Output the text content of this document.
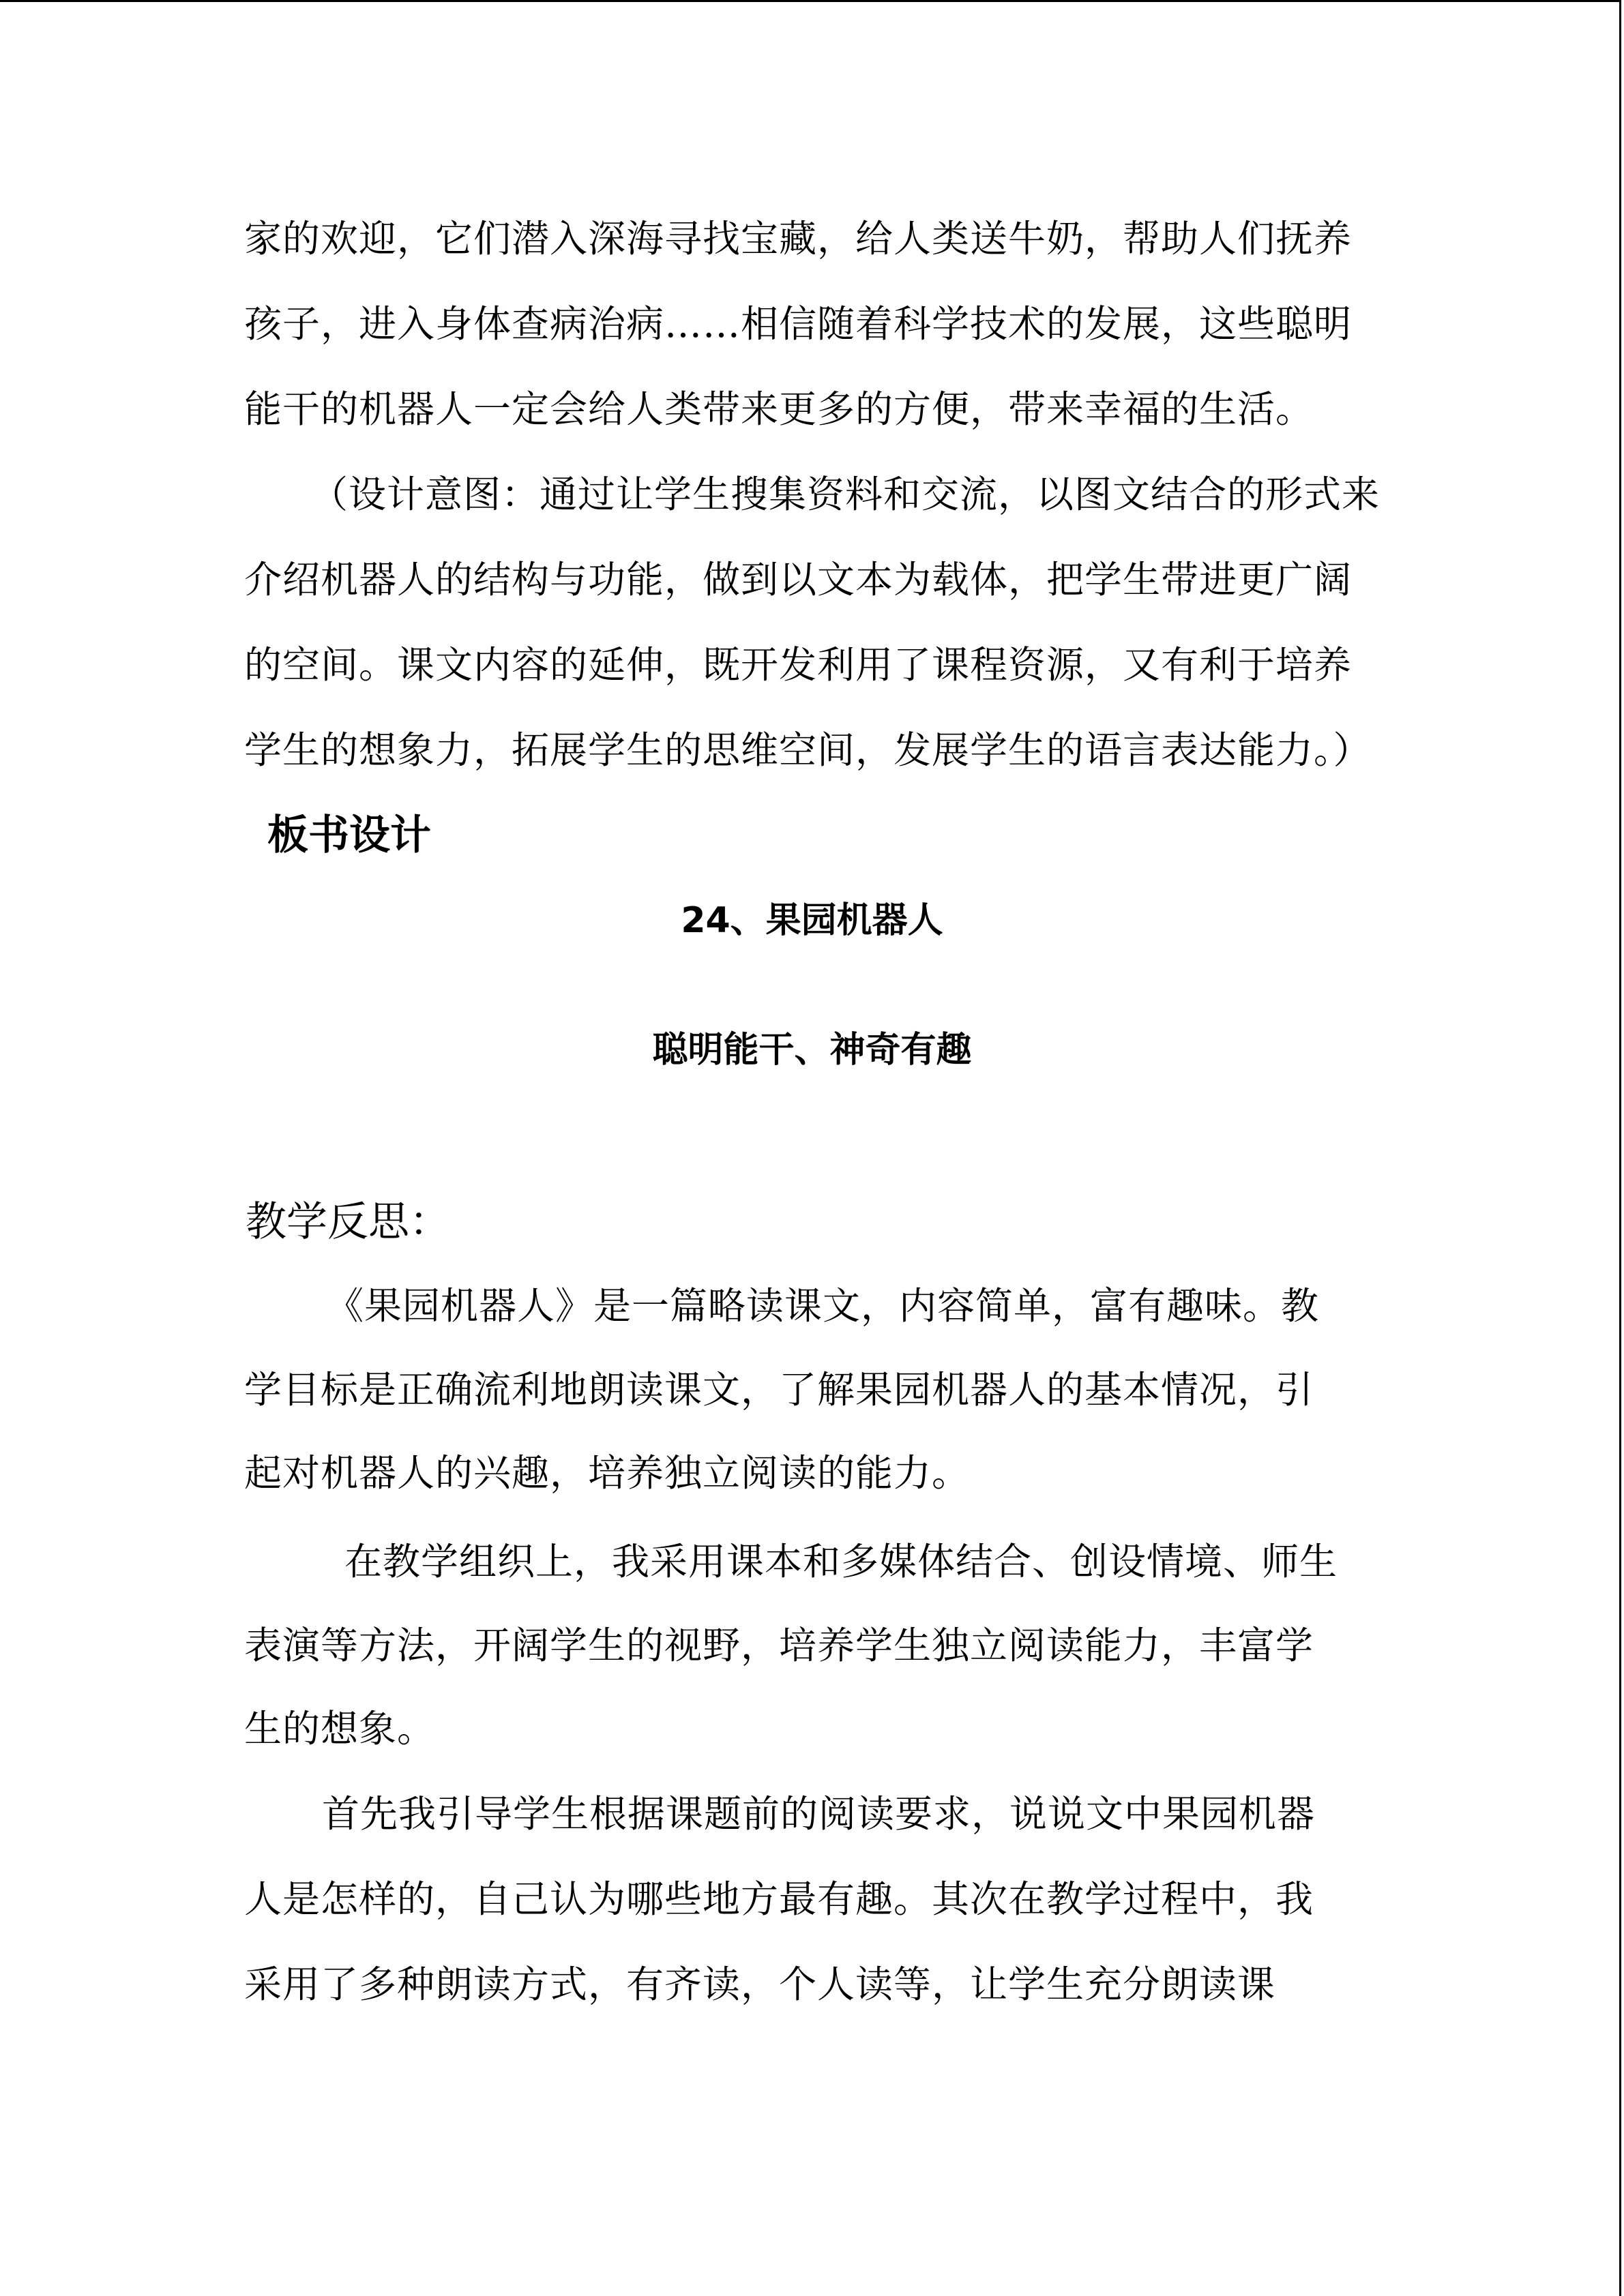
家的欢迎，它们潜入深海寻找宝藏，给人类送牛奶，帮助人们抚养
孩子，进入身体查病治病……相信随着科学技术的发展，这些聪明
能干的机器人一定会给人类带来更多的方便，带来幸福的生活。
（设计意图：通过让学生搜集资料和交流，以图文结合的形式来
介绍机器人的结构与功能，做到以文本为载体，把学生带进更广阔
的空间。课文内容的延伸，既开发利用了课程资源，又有利于培养
学生的想象力，拓展学生的思维空间，发展学生的语言表达能力。）
板书设计
24、果园机器人
聪明能干、神奇有趣
教学反思：
《果园机器人》是一篇略读课文，内容简单，富有趣味。教
学目标是正确流利地朗读课文，了解果园机器人的基本情况，引
起对机器人的兴趣，培养独立阅读的能力。
在教学组织上，我采用课本和多媒体结合、创设情境、师生
表演等方法，开阔学生的视野，培养学生独立阅读能力，丰富学
生的想象。
首先我引导学生根据课题前的阅读要求，说说文中果园机器
人是怎样的，自己认为哪些地方最有趣。其次在教学过程中，我
采用了多种朗读方式，有齐读，个人读等，让学生充分朗读课
